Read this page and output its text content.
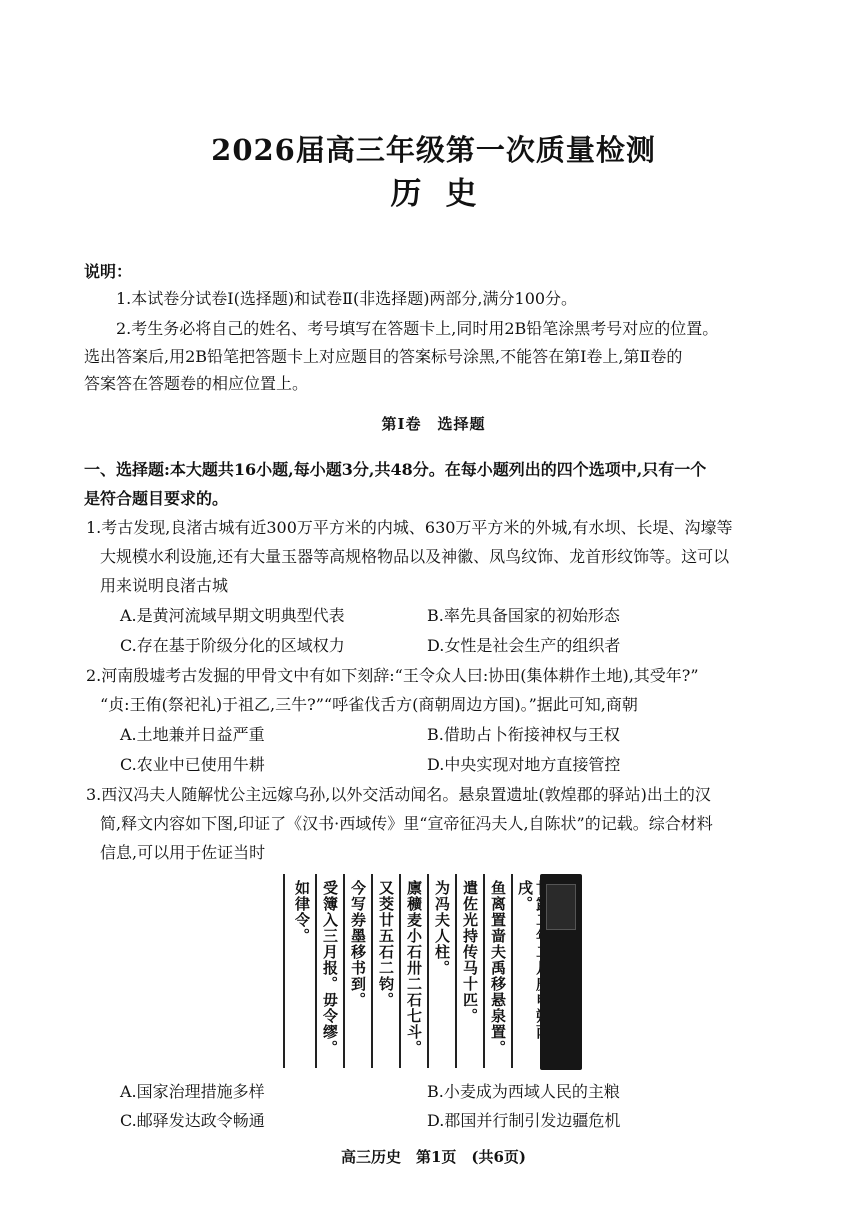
2026届高三年级第一次质量检测
历史
说明：
1.本试卷分试卷Ⅰ(选择题)和试卷Ⅱ(非选择题)两部分,满分100分。
2.考生务必将自己的姓名、考号填写在答题卡上,同时用2B铅笔涂黑考号对应的位置。
选出答案后,用2B铅笔把答题卡上对应题目的答案标号涂黑,不能答在第Ⅰ卷上,第Ⅱ卷的
答案答在答题卷的相应位置上。
第Ⅰ卷　选择题
一、选择题:本大题共16小题,每小题3分,共48分。在每小题列出的四个选项中,只有一个
是符合题目要求的。
1.考古发现,良渚古城有近300万平方米的内城、630万平方米的外城,有水坝、长堤、沟壕等
大规模水利设施,还有大量玉器等高规格物品以及神徽、凤鸟纹饰、龙首形纹饰等。这可以
用来说明良渚古城
A.是黄河流域早期文明典型代表	B.率先具备国家的初始形态
C.存在基于阶级分化的区域权力	D.女性是社会生产的组织者
2.河南殷墟考古发掘的甲骨文中有如下刻辞:“王令众人曰:协田(集体耕作土地),其受年?”
“贞:王侑(祭祀礼)于祖乙,三牛?”“呼雀伐舌方(商朝周边方国)。”据此可知,商朝
A.土地兼并日益严重	B.借助占卜衔接神权与王权
C.农业中已使用牛耕	D.中央实现对地方直接管控
3.西汉冯夫人随解忧公主远嫁乌孙,以外交活动闻名。悬泉置遗址(敦煌郡的驿站)出土的汉
简,释文内容如下图,印证了《汉书·西域传》里“宣帝征冯夫人,自陈状”的记载。综合材料
信息,可以用于佐证当时
如律令。 受簿入三月报。毋令缪。 今写券墨移书到。 又茭廿五石二钧。 廪穬麦小石卅二石七斗。 为冯夫人柱。 遣佐光持传马十匹。 鱼离置啬夫禹移悬泉置。 戌。
A.国家治理措施多样	B.小麦成为西域人民的主粮
C.邮驿发达政令畅通	D.郡国并行制引发边疆危机
高三历史　第1页　(共6页)
